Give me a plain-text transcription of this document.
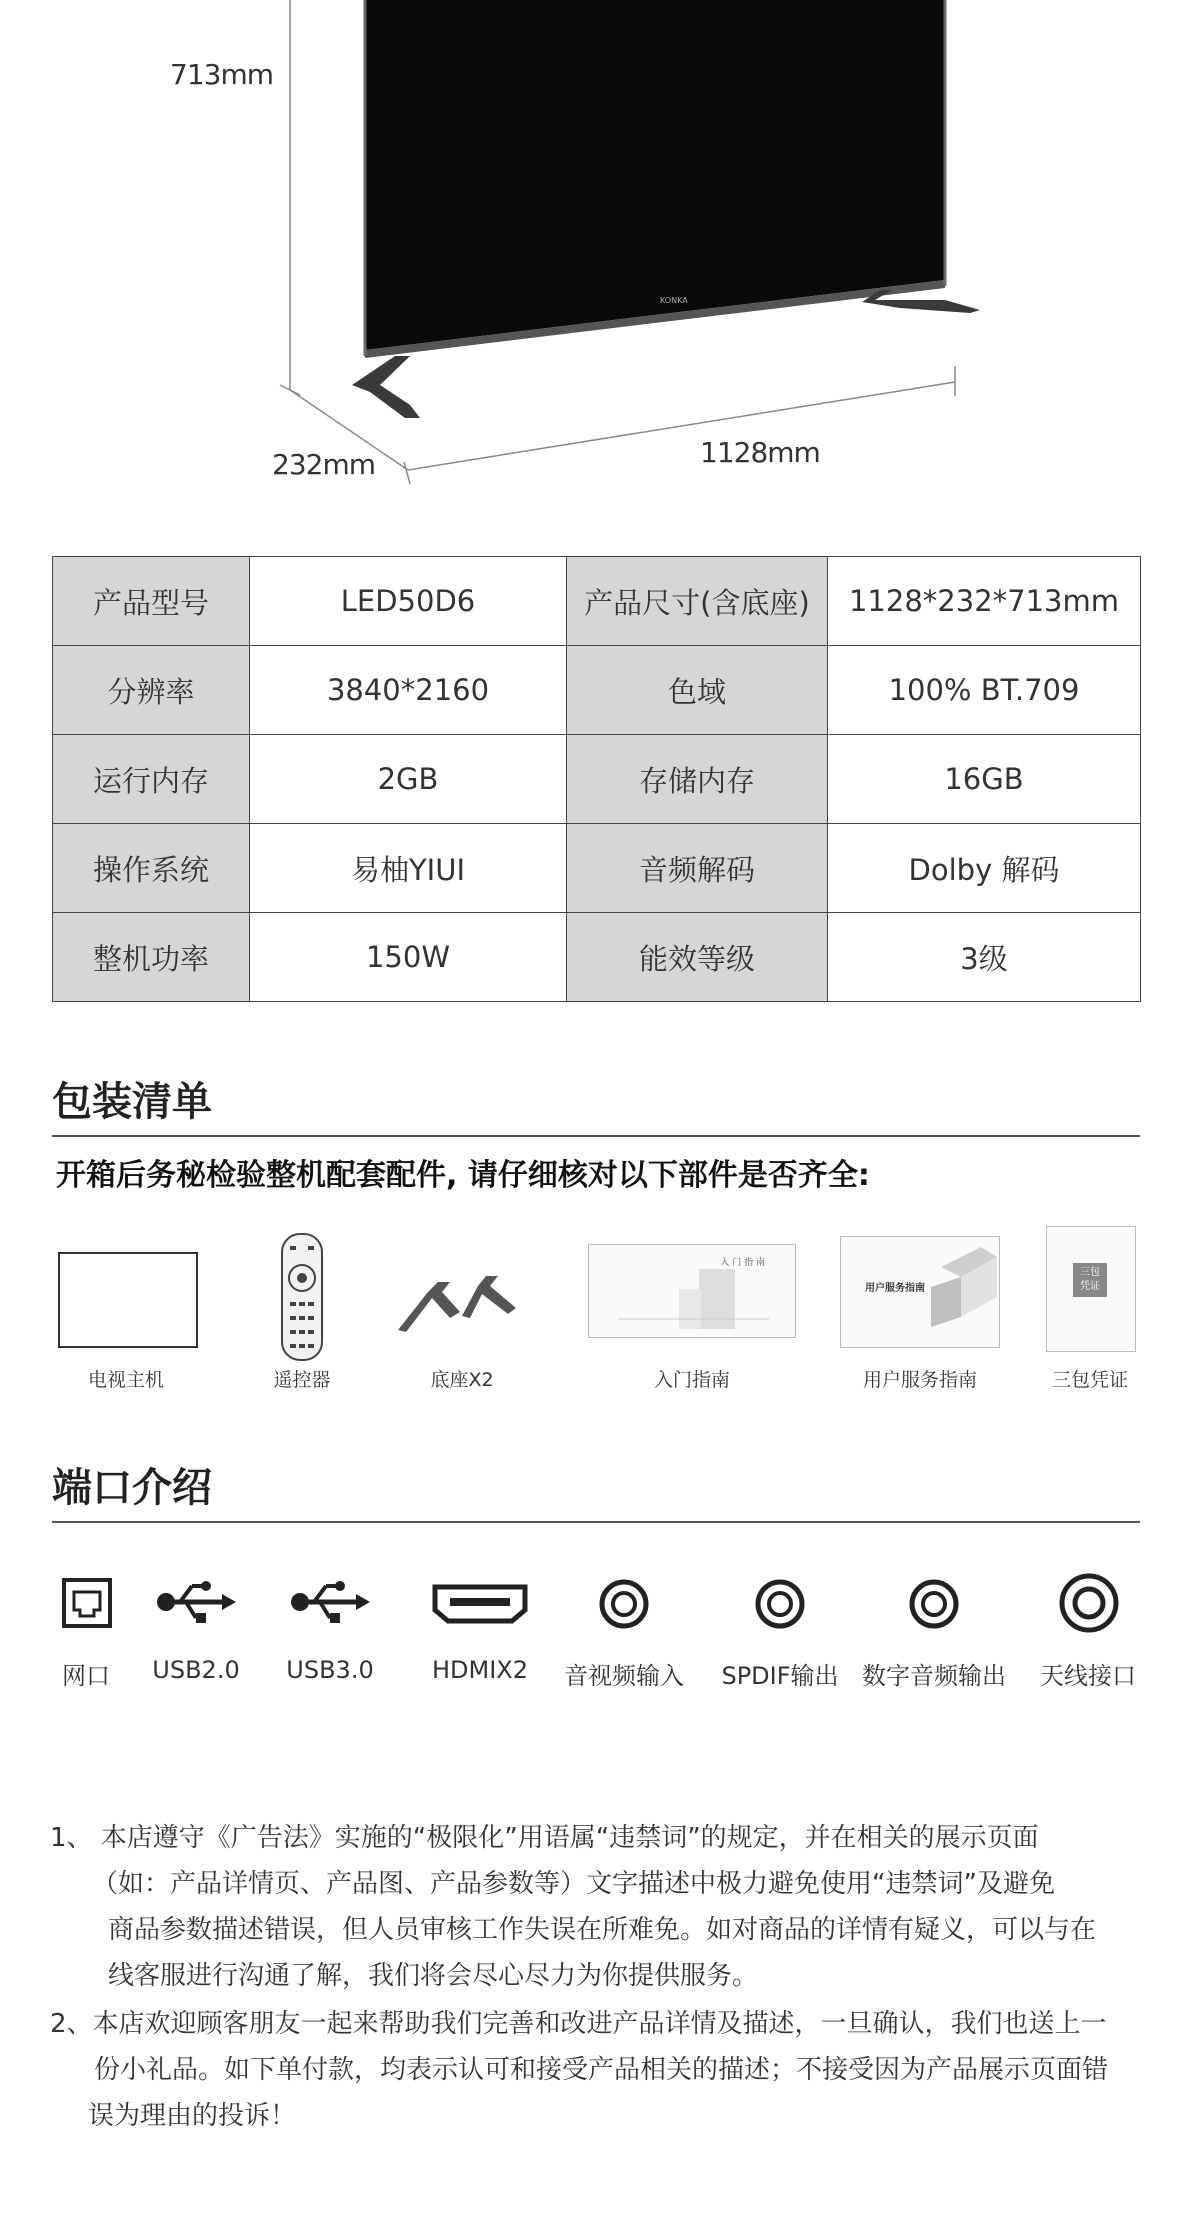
KONKA
713mm
232mm	1128mm
产品型号	LED50D6	产品尺寸(含底座)	1128*232*713mm
分辨率	3840*2160	色域	100% BT.709
运行内存	2GB	存储内存	16GB
操作系统	易柚YIUI	音频解码	Dolby 解码
整机功率	150W	能效等级	3级
包装清单
开箱后务秘检验整机配套配件, 请仔细核对以下部件是否齐全:
入 门 指 南
用户服务指南
三包
凭证
电视主机	遥控器	底座X2	入门指南	用户服务指南	三包凭证
端口介绍
网口	USB2.0	USB3.0	HDMIX2	音视频输入	SPDIF输出 数字音频输出	天线接口
1、 本店遵守《广告法》实施的“极限化”用语属“违禁词”的规定，并在相关的展示页面
（如：产品详情页、产品图、产品参数等）文字描述中极力避免使用“违禁词”及避免
商品参数描述错误，但人员审核工作失误在所难免。如对商品的详情有疑义，可以与在
线客服进行沟通了解，我们将会尽心尽力为你提供服务。
2、本店欢迎顾客朋友一起来帮助我们完善和改进产品详情及描述，一旦确认，我们也送上一
份小礼品。如下单付款，均表示认可和接受产品相关的描述；不接受因为产品展示页面错
误为理由的投诉！
